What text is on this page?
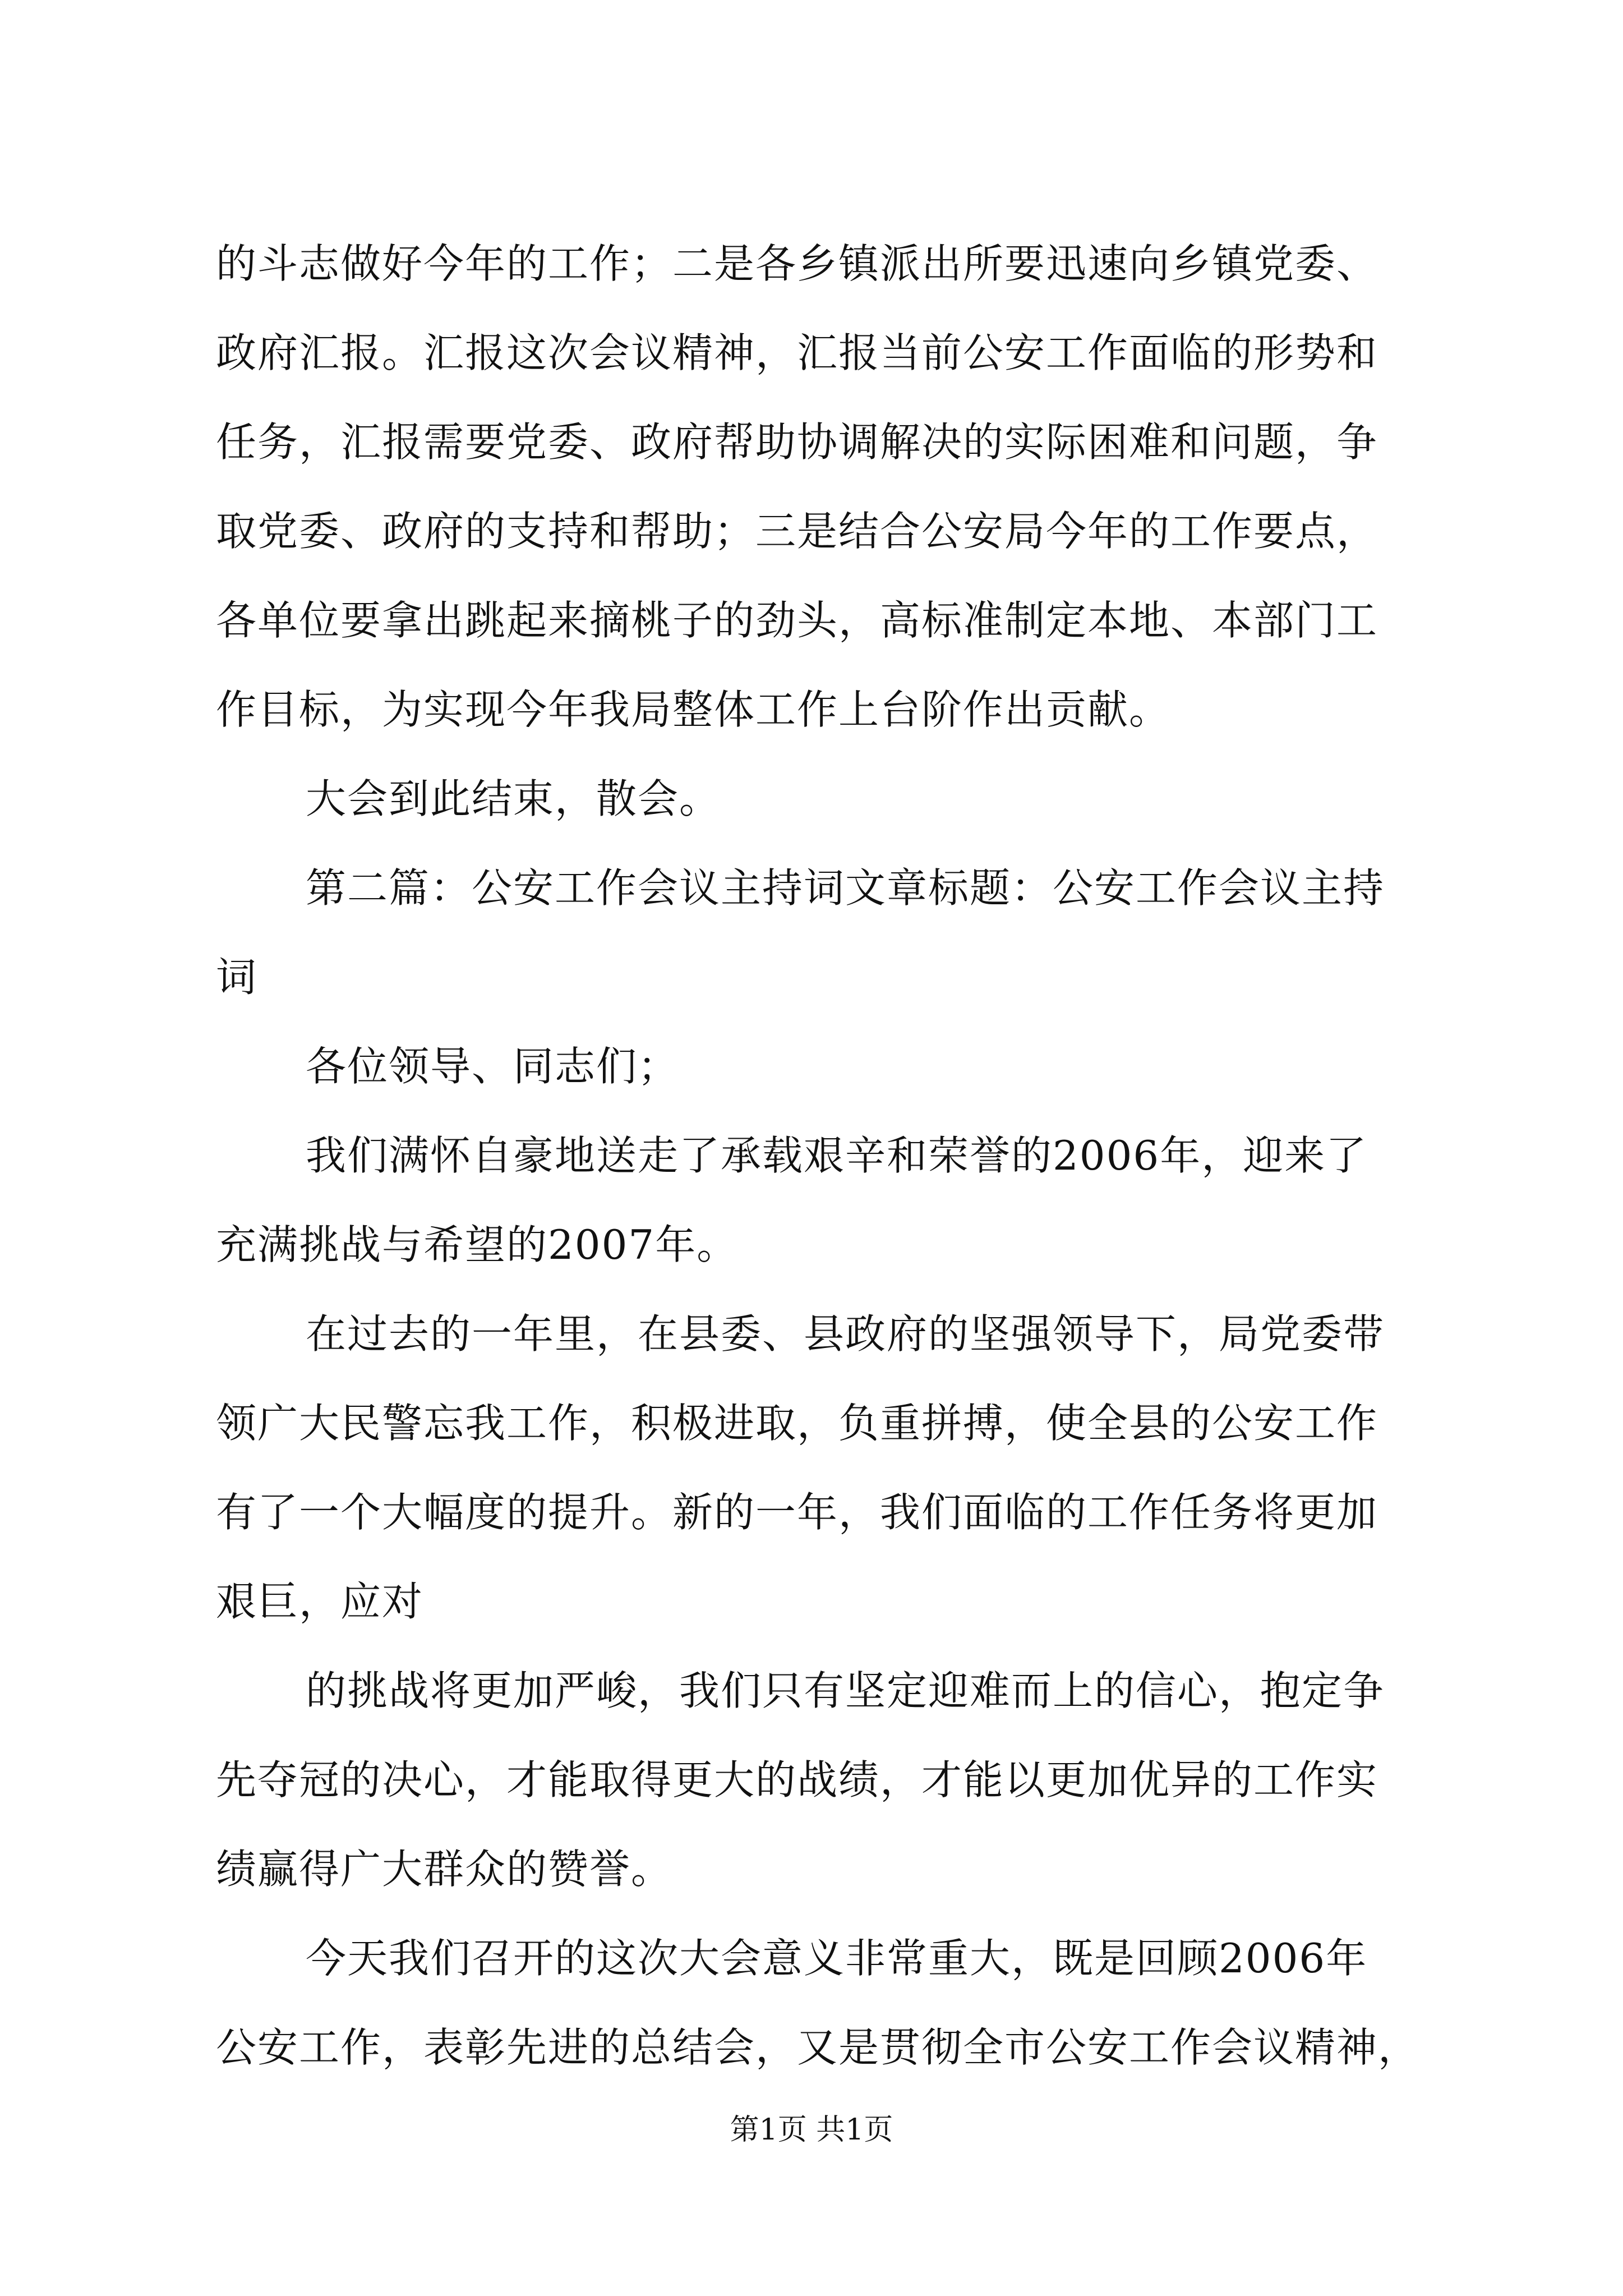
的斗志做好今年的工作；二是各乡镇派出所要迅速向乡镇党委、
政府汇报。汇报这次会议精神，汇报当前公安工作面临的形势和
任务，汇报需要党委、政府帮助协调解决的实际困难和问题，争
取党委、政府的支持和帮助；三是结合公安局今年的工作要点，
各单位要拿出跳起来摘桃子的劲头，高标准制定本地、本部门工
作目标，为实现今年我局整体工作上台阶作出贡献。
大会到此结束，散会。
第二篇：公安工作会议主持词文章标题：公安工作会议主持
词
各位领导、同志们；
我们满怀自豪地送走了承载艰辛和荣誉的2006年，迎来了
充满挑战与希望的2007年。
在过去的一年里，在县委、县政府的坚强领导下，局党委带
领广大民警忘我工作，积极进取，负重拼搏，使全县的公安工作
有了一个大幅度的提升。新的一年，我们面临的工作任务将更加
艰巨，应对
的挑战将更加严峻，我们只有坚定迎难而上的信心，抱定争
先夺冠的决心，才能取得更大的战绩，才能以更加优异的工作实
绩赢得广大群众的赞誉。
今天我们召开的这次大会意义非常重大，既是回顾2006年
公安工作，表彰先进的总结会，又是贯彻全市公安工作会议精神，
第1页 共1页
